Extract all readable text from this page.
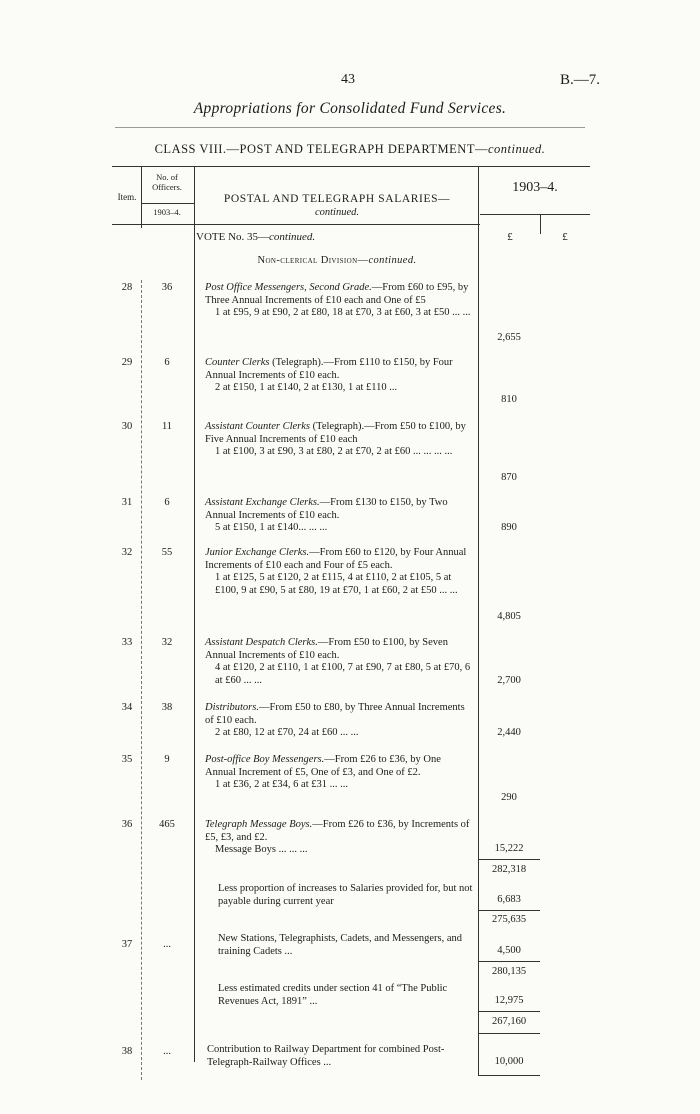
43	B.—7.
Appropriations for Consolidated Fund Services.
CLASS VIII.—POST AND TELEGRAPH DEPARTMENT—continued.
Item.
No. of Officers.
1903–4.
POSTAL AND TELEGRAPH SALARIES—
continued.
1903–4.
VOTE No. 35—continued.	£	£
Non-clerical Division—continued.
28	36	Post Office Messengers, Second Grade.—From £60 to £95, by Three Annual Increments of £10 each and One of £5
1 at £95, 9 at £90, 2 at £80, 18 at £70, 3 at £60, 3 at £50 ... ...
2,655
29	6	Counter Clerks (Telegraph).—From £110 to £150, by Four Annual Increments of £10 each.
2 at £150, 1 at £140, 2 at £130, 1 at £110 ...
810
30	11	Assistant Counter Clerks (Telegraph).—From £50 to £100, by Five Annual Increments of £10 each
1 at £100, 3 at £90, 3 at £80, 2 at £70, 2 at £60 ... ... ... ...
870
31	6	Assistant Exchange Clerks.—From £130 to £150, by Two Annual Increments of £10 each.
5 at £150, 1 at £140... ... ...	890
32	55	Junior Exchange Clerks.—From £60 to £120, by Four Annual Increments of £10 each and Four of £5 each.
1 at £125, 5 at £120, 2 at £115, 4 at £110, 2 at £105, 5 at £100, 9 at £90, 5 at £80, 19 at £70, 1 at £60, 2 at £50 ... ...
4,805
33	32	Assistant Despatch Clerks.—From £50 to £100, by Seven Annual Increments of £10 each.
4 at £120, 2 at £110, 1 at £100, 7 at £90, 7 at £80, 5 at £70, 6 at £60 ... ...	2,700
34	38	Distributors.—From £50 to £80, by Three Annual Increments of £10 each.
2 at £80, 12 at £70, 24 at £60 ... ...	2,440
35	9	Post-office Boy Messengers.—From £26 to £36, by One Annual Increment of £5, One of £3, and One of £2.
1 at £36, 2 at £34, 6 at £31 ... ...
290
36	465	Telegraph Message Boys.—From £26 to £36, by Increments of £5, £3, and £2.
Message Boys ... ... ...	15,222
282,318
Less proportion of increases to Salaries provided for, but not payable during current year	6,683
275,635
37	...
New Stations, Telegraphists, Cadets, and Messengers, and training Cadets ...	4,500
280,135
Less estimated credits under section 41 of “The Public Revenues Act, 1891” ...	12,975
267,160
38	...	Contribution to Railway Department for combined Post-Telegraph-Railway Offices ...	10,000
